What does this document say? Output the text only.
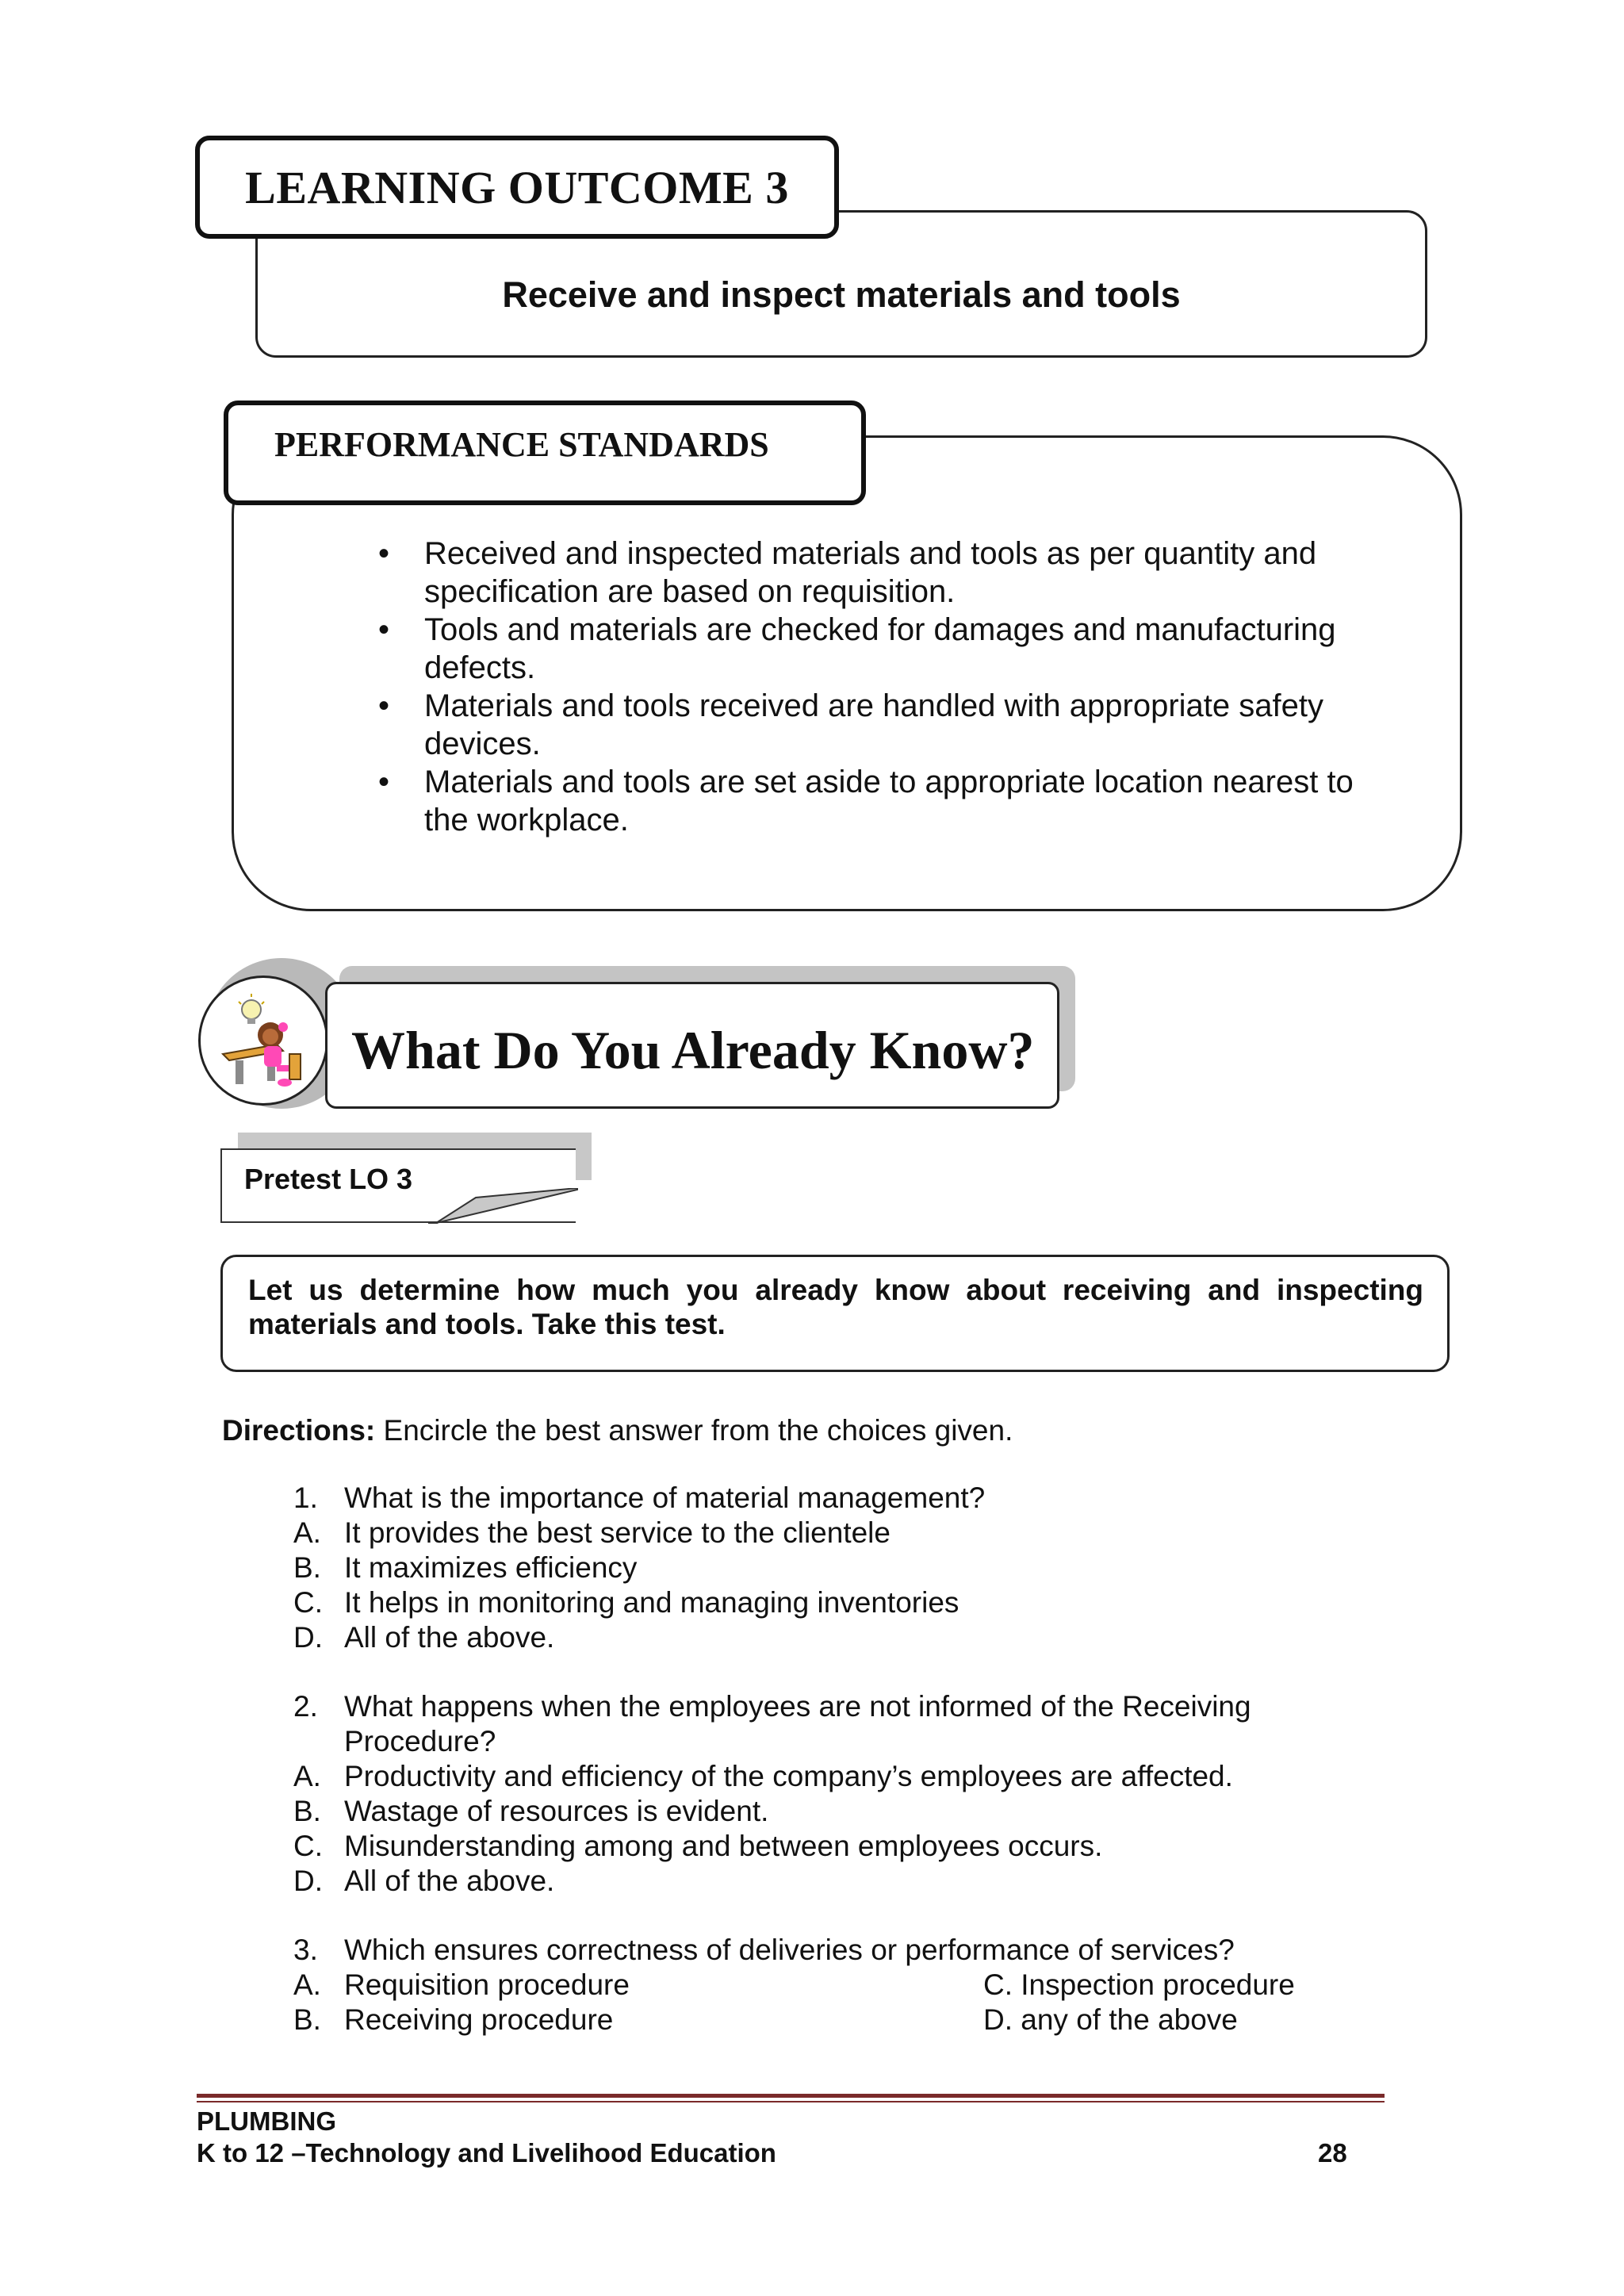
Receive and inspect materials and tools
LEARNING OUTCOME 3
• Received and inspected materials and tools as per quantity and specification are based on requisition.
• Tools and materials are checked for damages and manufacturing defects.
• Materials and tools received are handled with appropriate safety devices.
• Materials and tools are set aside to appropriate location nearest to the workplace.
PERFORMANCE STANDARDS
What Do You Already Know?
Pretest LO 3
Let us determine how much you already know about receiving and inspecting materials and tools. Take this test.
Directions: Encircle the best answer from the choices given.
1. What is the importance of material management?
A. It provides the best service to the clientele
B. It maximizes efficiency
C. It helps in monitoring and managing inventories
D. All of the above.
2. What happens when the employees are not informed of the Receiving Procedure?
A. Productivity and efficiency of the company’s employees are affected.
B. Wastage of resources is evident.
C. Misunderstanding among and between employees occurs.
D. All of the above.
3. Which ensures correctness of deliveries or performance of services?
A. Requisition procedure	C. Inspection procedure
B. Receiving procedure	D. any of the above
PLUMBING
K to 12 –Technology and Livelihood Education	28
